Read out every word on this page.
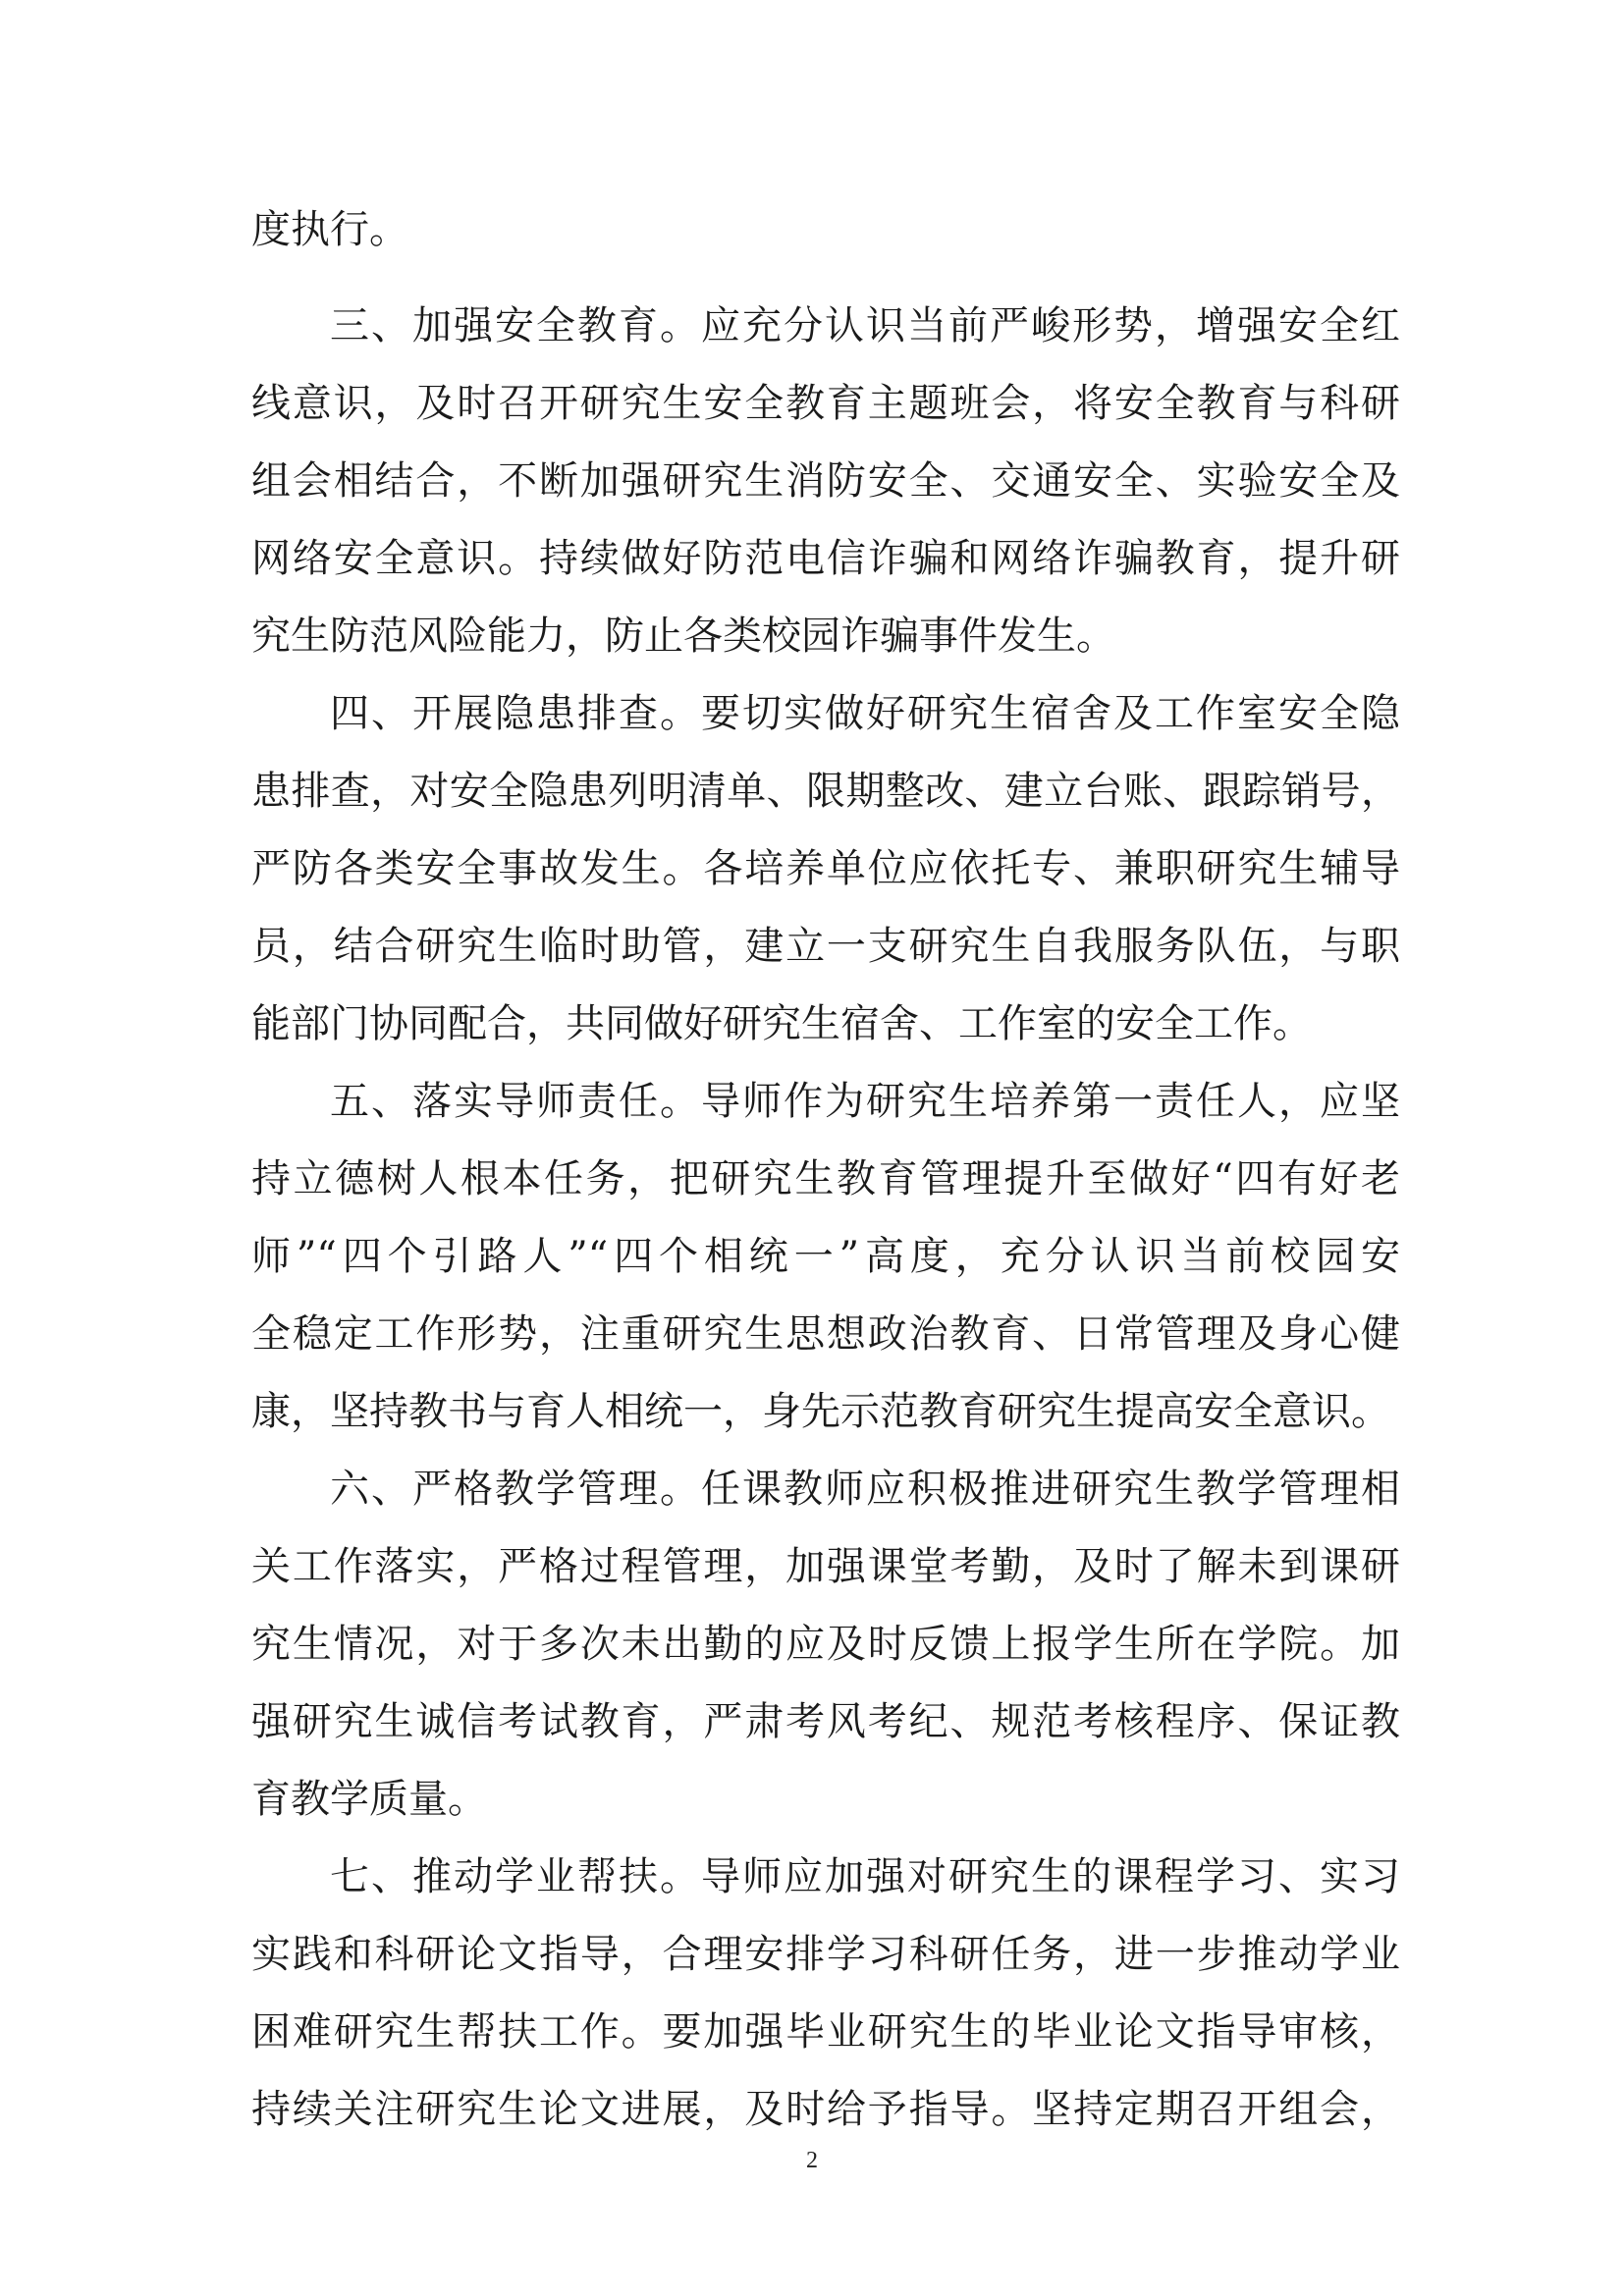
度执行。
三、加强安全教育。应充分认识当前严峻形势，增强安全红
线意识，及时召开研究生安全教育主题班会，将安全教育与科研
组会相结合，不断加强研究生消防安全、交通安全、实验安全及
网络安全意识。持续做好防范电信诈骗和网络诈骗教育，提升研
究生防范风险能力，防止各类校园诈骗事件发生。
四、开展隐患排查。要切实做好研究生宿舍及工作室安全隐
患排查，对安全隐患列明清单、限期整改、建立台账、跟踪销号，
严防各类安全事故发生。各培养单位应依托专、兼职研究生辅导
员，结合研究生临时助管，建立一支研究生自我服务队伍，与职
能部门协同配合，共同做好研究生宿舍、工作室的安全工作。
五、落实导师责任。导师作为研究生培养第一责任人，应坚
持立德树人根本任务，把研究生教育管理提升至做好“四有好老
师”“四个引路人”“四个相统一”高度，充分认识当前校园安
全稳定工作形势，注重研究生思想政治教育、日常管理及身心健
康，坚持教书与育人相统一，身先示范教育研究生提高安全意识。
六、严格教学管理。任课教师应积极推进研究生教学管理相
关工作落实，严格过程管理，加强课堂考勤，及时了解未到课研
究生情况，对于多次未出勤的应及时反馈上报学生所在学院。加
强研究生诚信考试教育，严肃考风考纪、规范考核程序、保证教
育教学质量。
七、推动学业帮扶。导师应加强对研究生的课程学习、实习
实践和科研论文指导，合理安排学习科研任务，进一步推动学业
困难研究生帮扶工作。要加强毕业研究生的毕业论文指导审核，
持续关注研究生论文进展，及时给予指导。坚持定期召开组会，
2
